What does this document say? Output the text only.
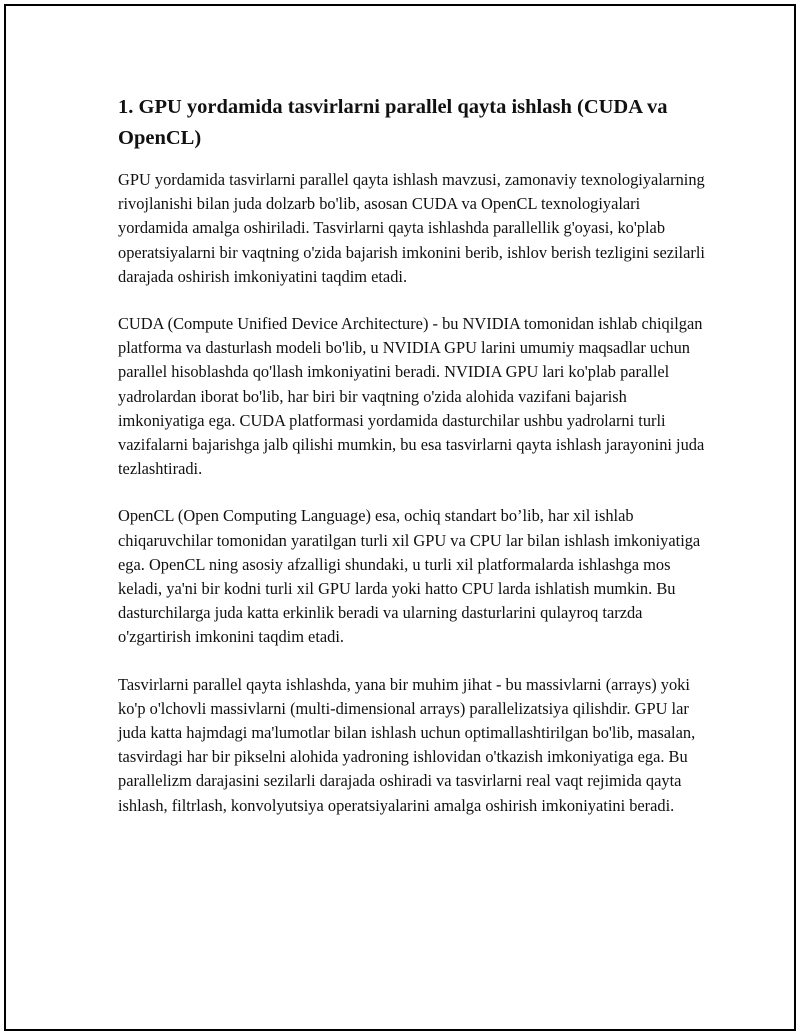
1. GPU yordamida tasvirlarni parallel qayta ishlash (CUDA va OpenCL)

GPU yordamida tasvirlarni parallel qayta ishlash mavzusi, zamonaviy texnologiyalarning rivojlanishi bilan juda dolzarb bo'lib, asosan CUDA va OpenCL texnologiyalari yordamida amalga oshiriladi. Tasvirlarni qayta ishlashda parallellik g'oyasi, ko'plab operatsiyalarni bir vaqtning o'zida bajarish imkonini berib, ishlov berish tezligini sezilarli darajada oshirish imkoniyatini taqdim etadi.

CUDA (Compute Unified Device Architecture) - bu NVIDIA tomonidan ishlab chiqilgan platforma va dasturlash modeli bo'lib, u NVIDIA GPU larini umumiy maqsadlar uchun parallel hisoblashda qo'llash imkoniyatini beradi. NVIDIA GPU lari ko'plab parallel yadrolardan iborat bo'lib, har biri bir vaqtning o'zida alohida vazifani bajarish imkoniyatiga ega. CUDA platformasi yordamida dasturchilar ushbu yadrolarni turli vazifalarni bajarishga jalb qilishi mumkin, bu esa tasvirlarni qayta ishlash jarayonini juda tezlashtiradi.

OpenCL (Open Computing Language) esa, ochiq standart bo’lib, har xil ishlab chiqaruvchilar tomonidan yaratilgan turli xil GPU va CPU lar bilan ishlash imkoniyatiga ega. OpenCL ning asosiy afzalligi shundaki, u turli xil platformalarda ishlashga mos keladi, ya'ni bir kodni turli xil GPU larda yoki hatto CPU larda ishlatish mumkin. Bu dasturchilarga juda katta erkinlik beradi va ularning dasturlarini qulayroq tarzda o'zgartirish imkonini taqdim etadi.

Tasvirlarni parallel qayta ishlashda, yana bir muhim jihat - bu massivlarni (arrays) yoki ko'p o'lchovli massivlarni (multi-dimensional arrays) parallelizatsiya qilishdir. GPU lar juda katta hajmdagi ma'lumotlar bilan ishlash uchun optimallashtirilgan bo'lib, masalan, tasvirdagi har bir pikselni alohida yadroning ishlovidan o'tkazish imkoniyatiga ega. Bu parallelizm darajasini sezilarli darajada oshiradi va tasvirlarni real vaqt rejimida qayta ishlash, filtrlash, konvolyutsiya operatsiyalarini amalga oshirish imkoniyatini beradi.
